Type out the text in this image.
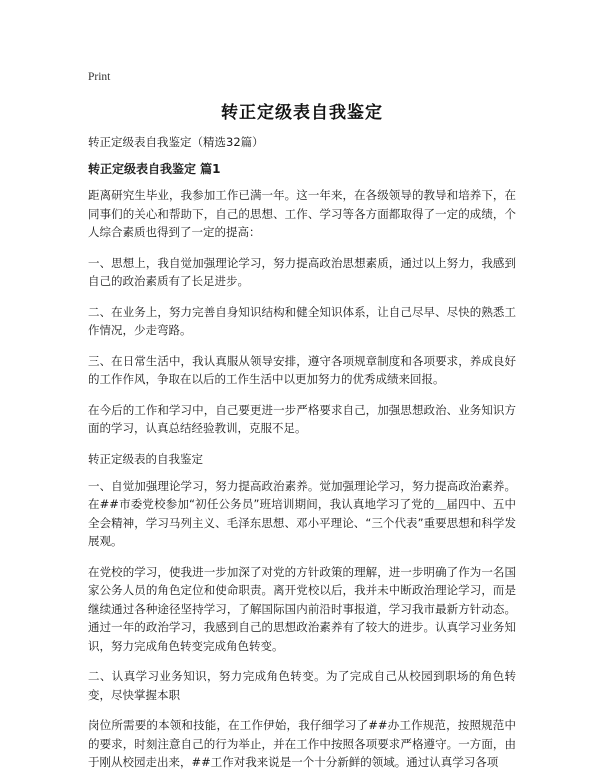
Print
转正定级表自我鉴定
转正定级表自我鉴定（精选32篇）
转正定级表自我鉴定 篇1

距离研究生毕业，我参加工作已满一年。这一年来，在各级领导的教导和培养下，在同事们的关心和帮助下，自己的思想、工作、学习等各方面都取得了一定的成绩，个人综合素质也得到了一定的提高：

一、思想上，我自觉加强理论学习，努力提高政治思想素质，通过以上努力，我感到自己的政治素质有了长足进步。

二、在业务上，努力完善自身知识结构和健全知识体系，让自己尽早、尽快的熟悉工作情况，少走弯路。

三、在日常生活中，我认真服从领导安排，遵守各项规章制度和各项要求，养成良好的工作作风，争取在以后的工作生活中以更加努力的优秀成绩来回报。

在今后的工作和学习中，自己要更进一步严格要求自己，加强思想政治、业务知识方面的学习，认真总结经验教训，克服不足。

转正定级表的自我鉴定

一、自觉加强理论学习，努力提高政治素养。觉加强理论学习，努力提高政治素养。在##市委党校参加“初任公务员”班培训期间，我认真地学习了党的＿届四中、五中全会精神，学习马列主义、毛泽东思想、邓小平理论、“三个代表”重要思想和科学发展观。

在党校的学习，使我进一步加深了对党的方针政策的理解，进一步明确了作为一名国家公务人员的角色定位和使命职责。离开党校以后，我并未中断政治理论学习，而是继续通过各种途径坚持学习，了解国际国内前沿时事报道，学习我市最新方针动态。通过一年的政治学习，我感到自己的思想政治素养有了较大的进步。认真学习业务知识，努力完成角色转变完成角色转变。

二、认真学习业务知识，努力完成角色转变。为了完成自己从校园到职场的角色转变，尽快掌握本职

岗位所需要的本领和技能，在工作伊始，我仔细学习了##办工作规范，按照规范中的要求，时刻注意自己的行为举止，并在工作中按照各项要求严格遵守。一方面，由于刚从校园走出来，##工作对我来说是一个十分新鲜的领域。通过认真学习各项
